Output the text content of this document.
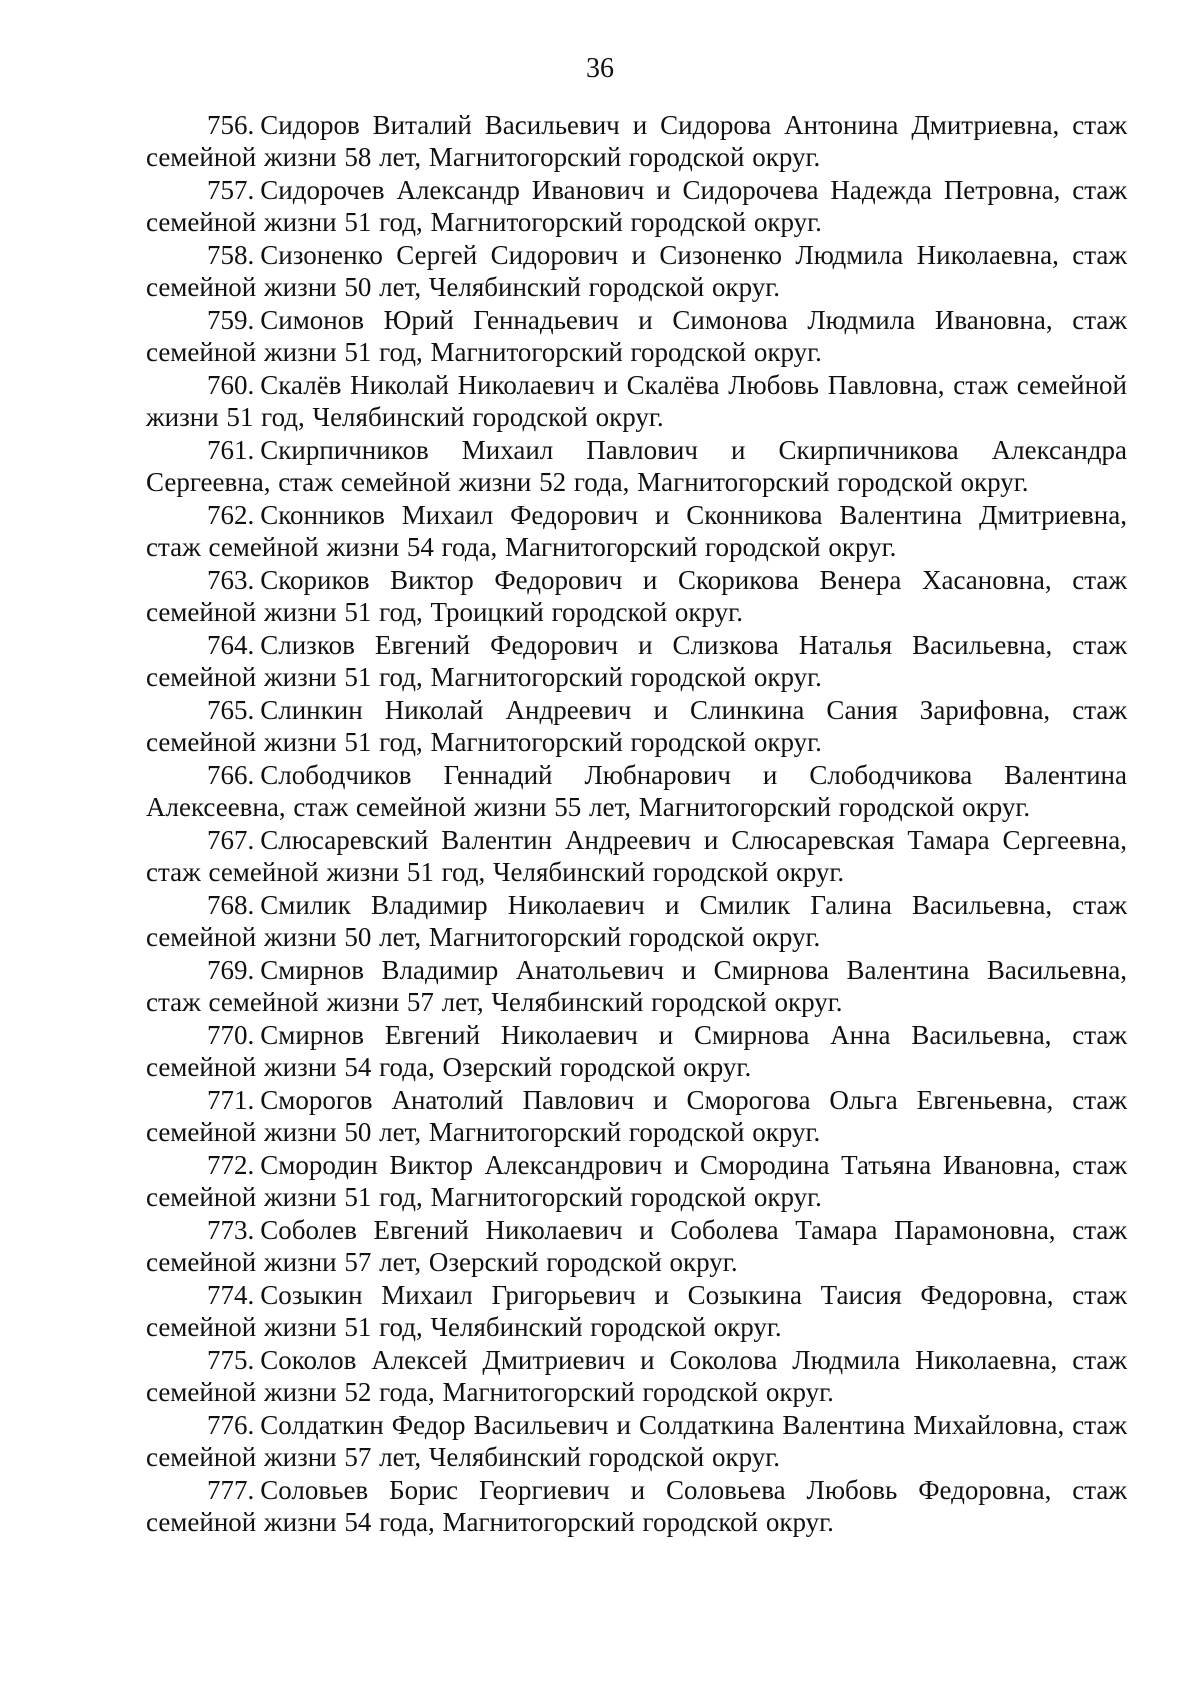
36

756. Сидоров Виталий Васильевич и Сидорова Антонина Дмитриевна, стаж семейной жизни 58 лет, Магнитогорский городской округ.

757. Сидорочев Александр Иванович и Сидорочева Надежда Петровна, стаж семейной жизни 51 год, Магнитогорский городской округ.

758. Сизоненко Сергей Сидорович и Сизоненко Людмила Николаевна, стаж семейной жизни 50 лет, Челябинский городской округ.

759. Симонов Юрий Геннадьевич и Симонова Людмила Ивановна, стаж семейной жизни 51 год, Магнитогорский городской округ.

760. Скалёв Николай Николаевич и Скалёва Любовь Павловна, стаж семейной жизни 51 год, Челябинский городской округ.

761. Скирпичников Михаил Павлович и Скирпичникова Александра Сергеевна, стаж семейной жизни 52 года, Магнитогорский городской округ.

762. Сконников Михаил Федорович и Сконникова Валентина Дмитриевна, стаж семейной жизни 54 года, Магнитогорский городской округ.

763. Скориков Виктор Федорович и Скорикова Венера Хасановна, стаж семейной жизни 51 год, Троицкий городской округ.

764. Слизков Евгений Федорович и Слизкова Наталья Васильевна, стаж семейной жизни 51 год, Магнитогорский городской округ.

765. Слинкин Николай Андреевич и Слинкина Сания Зарифовна, стаж семейной жизни 51 год, Магнитогорский городской округ.

766. Слободчиков Геннадий Любнарович и Слободчикова Валентина Алексеевна, стаж семейной жизни 55 лет, Магнитогорский городской округ.

767. Слюсаревский Валентин Андреевич и Слюсаревская Тамара Сергеевна, стаж семейной жизни 51 год, Челябинский городской округ.

768. Смилик Владимир Николаевич и Смилик Галина Васильевна, стаж семейной жизни 50 лет, Магнитогорский городской округ.

769. Смирнов Владимир Анатольевич и Смирнова Валентина Васильевна, стаж семейной жизни 57 лет, Челябинский городской округ.

770. Смирнов Евгений Николаевич и Смирнова Анна Васильевна, стаж семейной жизни 54 года, Озерский городской округ.

771. Сморогов Анатолий Павлович и Сморогова Ольга Евгеньевна, стаж семейной жизни 50 лет, Магнитогорский городской округ.

772. Смородин Виктор Александрович и Смородина Татьяна Ивановна, стаж семейной жизни 51 год, Магнитогорский городской округ.

773. Соболев Евгений Николаевич и Соболева Тамара Парамоновна, стаж семейной жизни 57 лет, Озерский городской округ.

774. Созыкин Михаил Григорьевич и Созыкина Таисия Федоровна, стаж семейной жизни 51 год, Челябинский городской округ.

775. Соколов Алексей Дмитриевич и Соколова Людмила Николаевна, стаж семейной жизни 52 года, Магнитогорский городской округ.

776. Солдаткин Федор Васильевич и Солдаткина Валентина Михайловна, стаж семейной жизни 57 лет, Челябинский городской округ.

777. Соловьев Борис Георгиевич и Соловьева Любовь Федоровна, стаж семейной жизни 54 года, Магнитогорский городской округ.
